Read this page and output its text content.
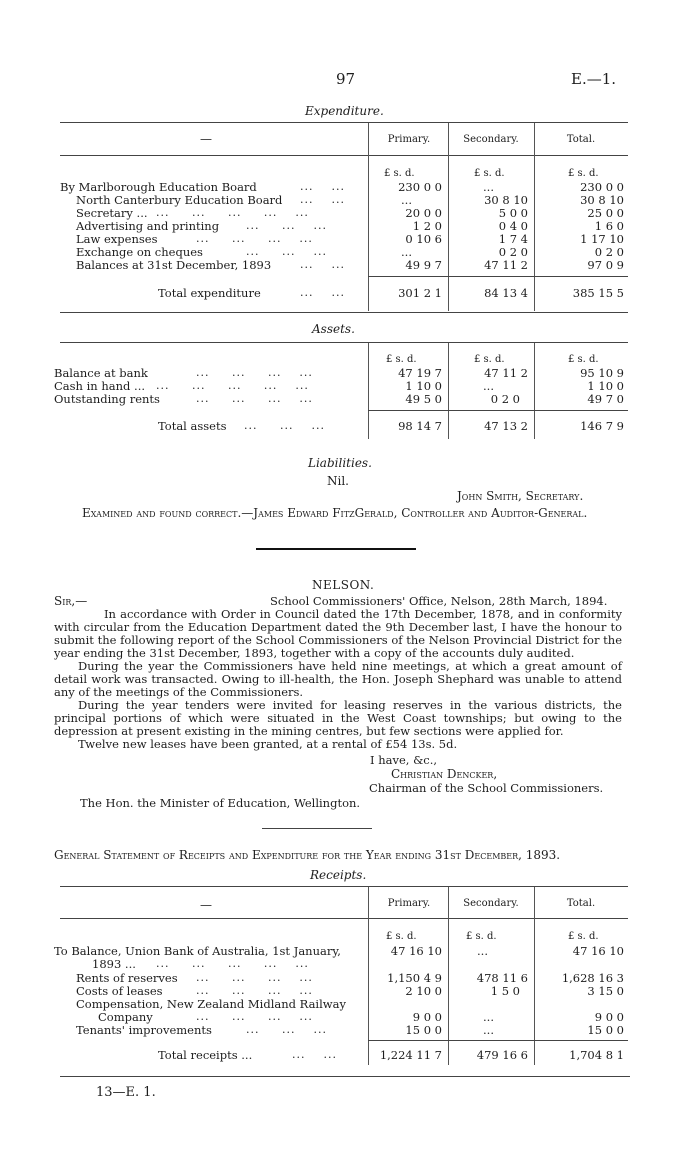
97	E.—1.
Expenditure.
—	Primary.	Secondary.	Total.
£ s. d.	£ s. d.	£ s. d.
By Marlborough Education Board	...    ...	230 0 0	...	230 0 0
North Canterbury Education Board ...    ...	...	30 8 10	30 8 10
Secretary ... ...     ...     ...     ...    ...	20 0 0	5 0 0	25 0 0
Advertising and printing ...     ...    ...	1 2 0	0 4 0	1 6 0
Law expenses	...     ...     ...    ...	0 10 6	1 7 4	1 17 10
Exchange on cheques	...     ...    ...	...	0 2 0	0 2 0
Balances at 31st December, 1893	...    ...	49 9 7	47 11 2	97 0 9
Total expenditure	...    ...	301 2 1	84 13 4	385 15 5
Assets.
£ s. d.	£ s. d.	£ s. d.
Balance at bank	...     ...     ...    ...	47 19 7	47 11 2	95 10 9
Cash in hand ... ...     ...     ...     ...    ...	1 10 0	...	1 10 0
Outstanding rents	...     ...     ...    ...	49 5 0	0 2 0	49 7 0
Total assets ...     ...    ...	98 14 7	47 13 2	146 7 9
Liabilities.
Nil.
John Smith, Secretary.
Examined and found correct.—James Edward FitzGerald, Controller and Auditor-General.
NELSON.
Sir,—	School Commissioners' Office, Nelson, 28th March, 1894.

In accordance with Order in Council dated the 17th December, 1878, and in conformity with circular from the Education Department dated the 9th December last, I have the honour to submit the following report of the School Commissioners of the Nelson Provincial District for the year ending the 31st December, 1893, together with a copy of the accounts duly audited.

During the year the Commissioners have held nine meetings, at which a great amount of detail work was transacted. Owing to ill-health, the Hon. Joseph Shephard was unable to attend any of the meetings of the Commissioners.

During the year tenders were invited for leasing reserves in the various districts, the principal portions of which were situated in the West Coast townships; but owing to the depression at present existing in the mining centres, but few sections were applied for.

Twelve new leases have been granted, at a rental of £54 13s. 5d.

I have, &c.,
Christian Dencker,
Chairman of the School Commissioners.
The Hon. the Minister of Education, Wellington.
General Statement of Receipts and Expenditure for the Year ending 31st December, 1893.
Receipts.
—	Primary.	Secondary.	Total.
£ s. d.	£ s. d.	£ s. d.
To Balance, Union Bank of Australia, 1st January,
1893 ... ...     ...     ...     ...    ...
47 16 10	...	47 16 10
Rents of reserves ...     ...     ...    ...	1,150 4 9	478 11 6	1,628 16 3
Costs of leases	...     ...     ...    ...	2 10 0	1 5 0	3 15 0
Compensation, New Zealand Midland Railway
Company	...     ...     ...    ...	9 0 0	...	9 0 0
Tenants' improvements	...     ...    ...	15 0 0	...	15 0 0
Total receipts ...	...    ...	1,224 11 7	479 16 6	1,704 8 1
13—E. 1.
